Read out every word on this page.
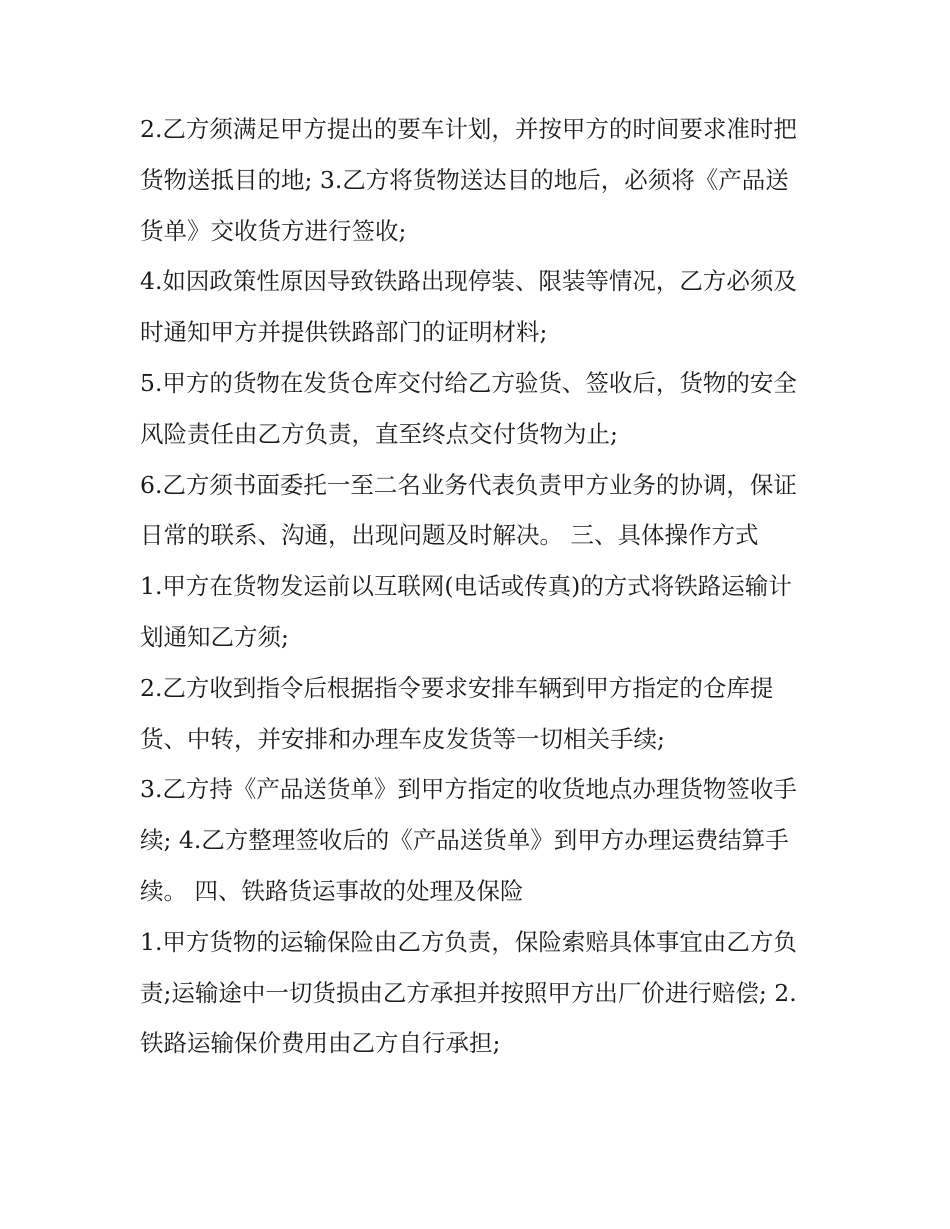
2.乙方须满足甲方提出的要车计划，并按甲方的时间要求准时把货物送抵目的地; 3.乙方将货物送达目的地后，必须将《产品送货单》交收货方进行签收;

4.如因政策性原因导致铁路出现停装、限装等情况，乙方必须及时通知甲方并提供铁路部门的证明材料;

5.甲方的货物在发货仓库交付给乙方验货、签收后，货物的安全风险责任由乙方负责，直至终点交付货物为止;

6.乙方须书面委托一至二名业务代表负责甲方业务的协调，保证日常的联系、沟通，出现问题及时解决。 三、具体操作方式

1.甲方在货物发运前以互联网(电话或传真)的方式将铁路运输计划通知乙方须;

2.乙方收到指令后根据指令要求安排车辆到甲方指定的仓库提货、中转，并安排和办理车皮发货等一切相关手续;

3.乙方持《产品送货单》到甲方指定的收货地点办理货物签收手续; 4.乙方整理签收后的《产品送货单》到甲方办理运费结算手续。 四、铁路货运事故的处理及保险

1.甲方货物的运输保险由乙方负责，保险索赔具体事宜由乙方负责;运输途中一切货损由乙方承担并按照甲方出厂价进行赔偿; 2.铁路运输保价费用由乙方自行承担;
